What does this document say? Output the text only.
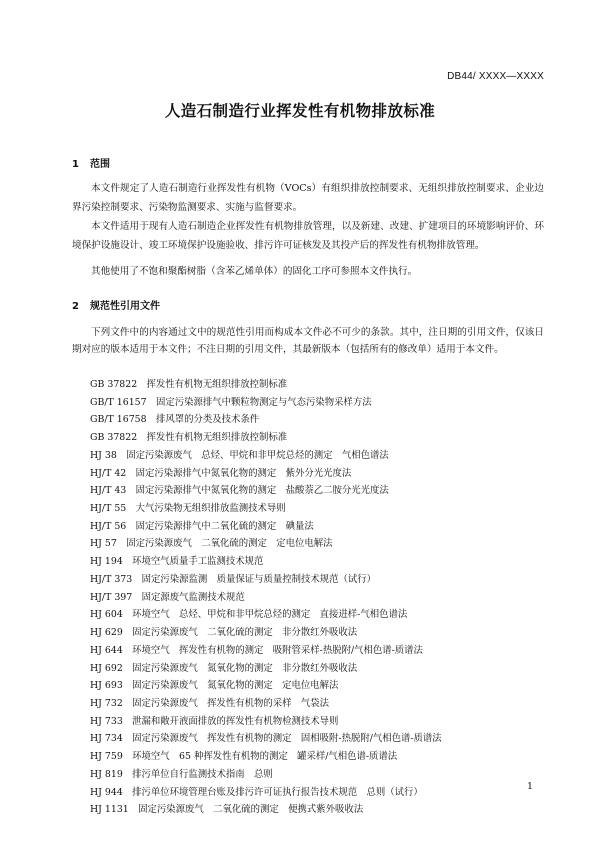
DB44/ XXXX—XXXX
人造石制造行业挥发性有机物排放标准
1 范围

本文件规定了人造石制造行业挥发性有机物（VOCs）有组织排放控制要求、无组织排放控制要求、企业边界污染控制要求、污染物监测要求、实施与监督要求。

本文件适用于现有人造石制造企业挥发性有机物排放管理，以及新建、改建、扩建项目的环境影响评价、环境保护设施设计、竣工环境保护设施验收、排污许可证核发及其投产后的挥发性有机物排放管理。

其他使用了不饱和聚酯树脂（含苯乙烯单体）的固化工序可参照本文件执行。

2 规范性引用文件

下列文件中的内容通过文中的规范性引用而构成本文件必不可少的条款。其中，注日期的引用文件，仅该日期对应的版本适用于本文件；不注日期的引用文件，其最新版本（包括所有的修改单）适用于本文件。

GB 37822　挥发性有机物无组织排放控制标准
GB/T 16157　固定污染源排气中颗粒物测定与气态污染物采样方法
GB/T 16758　排风罩的分类及技术条件
GB 37822　挥发性有机物无组织排放控制标准
HJ 38　固定污染源废气　总烃、甲烷和非甲烷总烃的测定　气相色谱法
HJ/T 42　固定污染源排气中氮氧化物的测定　紫外分光光度法
HJ/T 43　固定污染源排气中氮氧化物的测定　盐酸萘乙二胺分光光度法
HJ/T 55　大气污染物无组织排放监测技术导则
HJ/T 56　固定污染源排气中二氧化硫的测定　碘量法
HJ 57　固定污染源废气　二氧化硫的测定　定电位电解法
HJ 194　环境空气质量手工监测技术规范
HJ/T 373　固定污染源监测　质量保证与质量控制技术规范（试行）
HJ/T 397　固定源废气监测技术规范
HJ 604　环境空气　总烃、甲烷和非甲烷总烃的测定　直接进样-气相色谱法
HJ 629　固定污染源废气　二氧化硫的测定　非分散红外吸收法
HJ 644　环境空气　挥发性有机物的测定　吸附管采样-热脱附/气相色谱-质谱法
HJ 692　固定污染源废气　氮氧化物的测定　非分散红外吸收法
HJ 693　固定污染源废气　氮氧化物的测定　定电位电解法
HJ 732　固定污染源废气　挥发性有机物的采样　气袋法
HJ 733　泄漏和敞开液面排放的挥发性有机物检测技术导则
HJ 734　固定污染源废气　挥发性有机物的测定　固相吸附-热脱附/气相色谱-质谱法
HJ 759　环境空气　65 种挥发性有机物的测定　罐采样/气相色谱-质谱法
HJ 819　排污单位自行监测技术指南　总则
HJ 944　排污单位环境管理台账及排污许可证执行报告技术规范　总则（试行）
HJ 1131　固定污染源废气　二氧化硫的测定　便携式紫外吸收法
1
